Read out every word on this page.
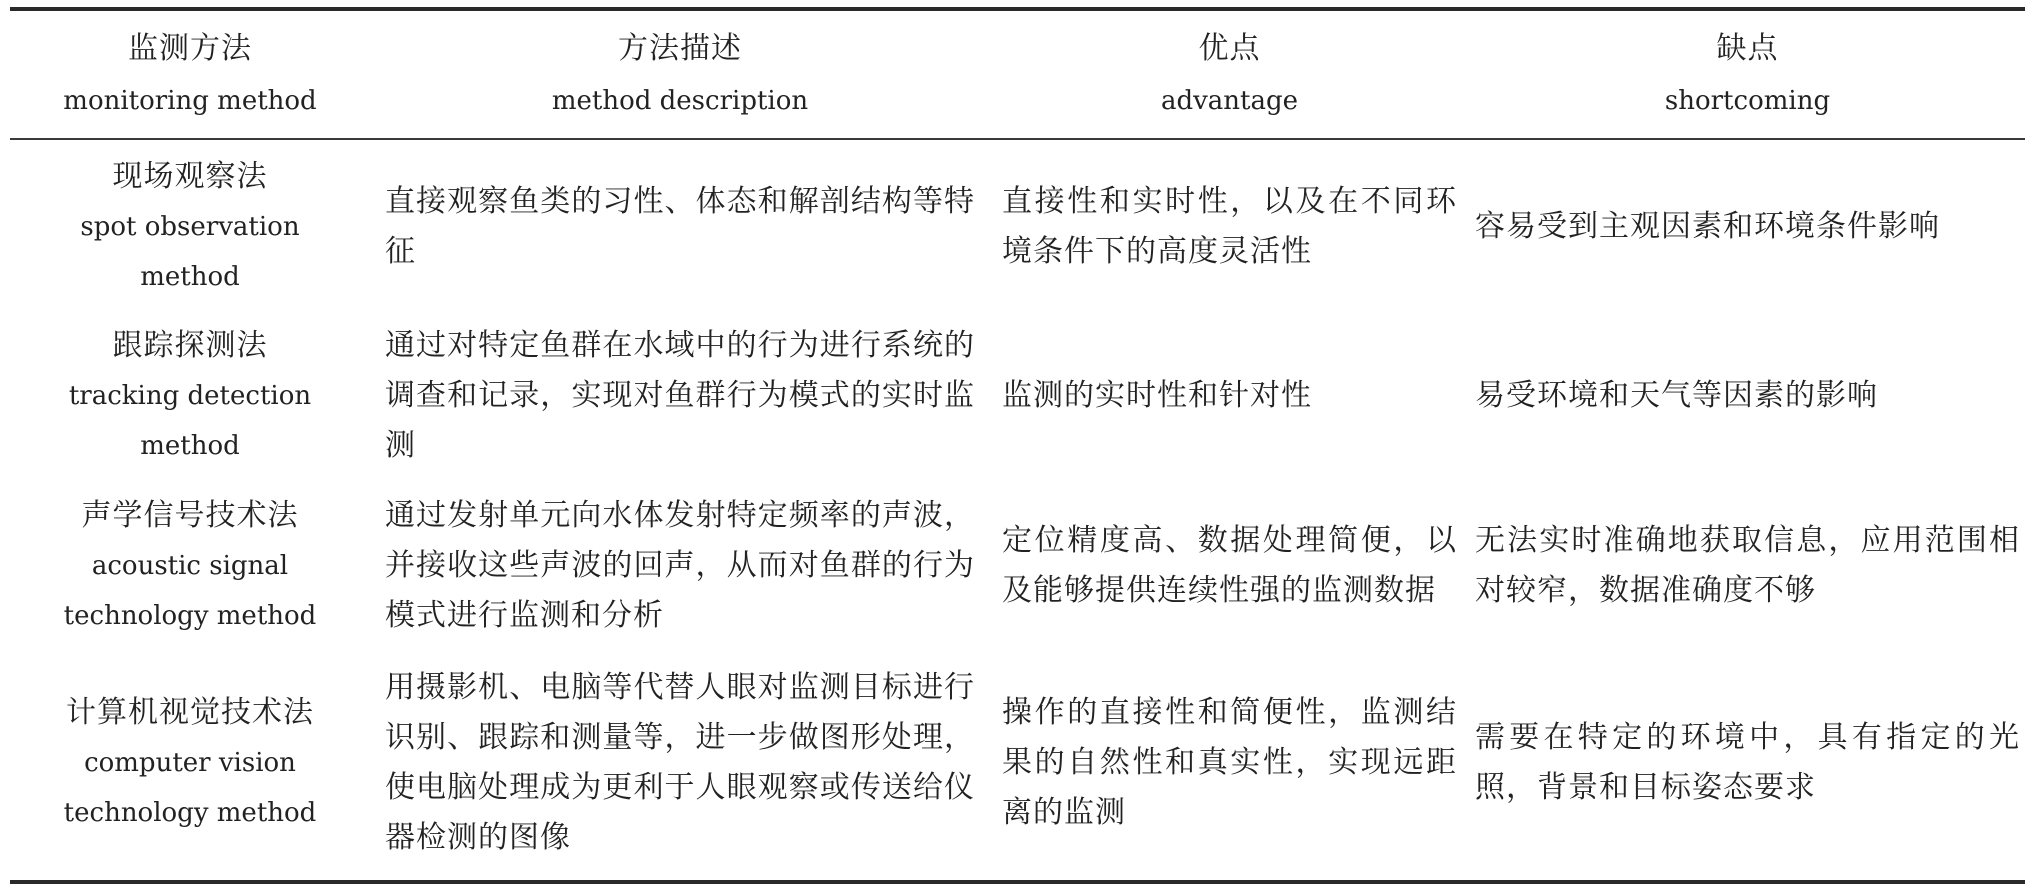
监测方法
monitoring method
方法描述
method description
优点
advantage
缺点
shortcoming
现场观察法
spot observation
method
直接观察鱼类的习性、体态和解剖结构等特征
直接性和实时性，以及在不同环境条件下的高度灵活性
容易受到主观因素和环境条件影响
跟踪探测法
tracking detection
method
通过对特定鱼群在水域中的行为进行系统的调查和记录，实现对鱼群行为模式的实时监测
监测的实时性和针对性	易受环境和天气等因素的影响
声学信号技术法
acoustic signal
technology method
通过发射单元向水体发射特定频率的声波，并接收这些声波的回声，从而对鱼群的行为模式进行监测和分析
定位精度高、数据处理简便，以及能够提供连续性强的监测数据
无法实时准确地获取信息，应用范围相对较窄，数据准确度不够
计算机视觉技术法
computer vision
technology method
用摄影机、电脑等代替人眼对监测目标进行识别、跟踪和测量等，进一步做图形处理，使电脑处理成为更利于人眼观察或传送给仪器检测的图像
操作的直接性和简便性，监测结果的自然性和真实性，实现远距离的监测
需要在特定的环境中，具有指定的光照，背景和目标姿态要求
